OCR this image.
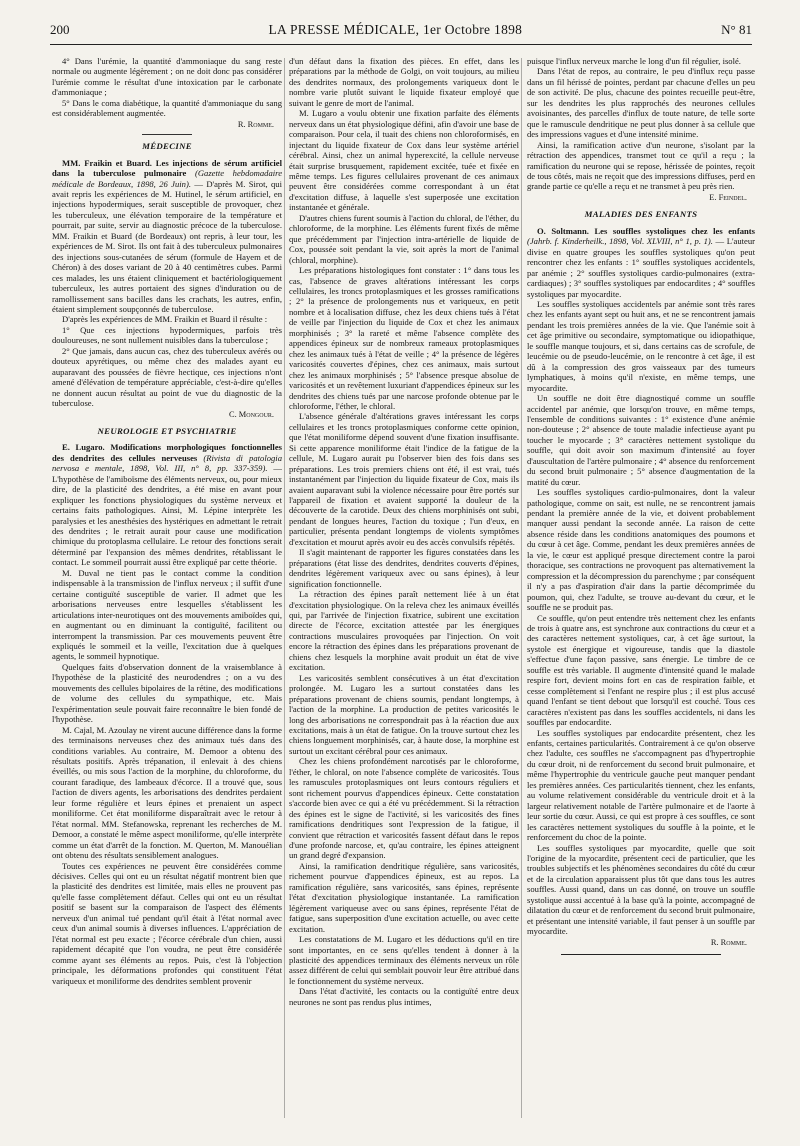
200	LA PRESSE MÉDICALE, 1er Octobre 1898	N° 81

4° Dans l'urémie, la quantité d'ammoniaque du sang reste normale ou augmente légèrement ; on ne doit donc pas considérer l'urémie comme le résultat d'une intoxication par le carbonate d'ammoniaque ;

5° Dans le coma diabétique, la quantité d'ammoniaque du sang est considérablement augmentée.

R. Romme.
MÉDECINE

MM. Fraikin et Buard. Les injections de sérum artificiel dans la tuberculose pulmonaire (Gazette hebdomadaire médicale de Bordeaux, 1898, 26 Juin). — D'après M. Sirot, qui avait repris les expériences de M. Hutinel, le sérum artificiel, en injections hypodermiques, serait susceptible de provoquer, chez les tuberculeux, une élévation temporaire de la température et pourrait, par suite, servir au diagnostic précoce de la tuberculose. MM. Fraikin et Buard (de Bordeaux) ont repris, à leur tour, les expériences de M. Sirot. Ils ont fait à des tuberculeux pulmonaires des injections sous-cutanées de sérum (formule de Hayem et de Chéron) à des doses variant de 20 à 40 centimètres cubes. Parmi ces malades, les uns étaient cliniquement et bactériologiquement tuberculeux, les autres portaient des signes d'induration ou de ramollissement sans bacilles dans les crachats, les autres, enfin, étaient simplement soupçonnés de tuberculose.

D'après les expériences de MM. Fraikin et Buard il résulte :

1° Que ces injections hypodermiques, parfois très douloureuses, ne sont nullement nuisibles dans la tuberculose ;

2° Que jamais, dans aucun cas, chez des tuberculeux avérés ou douteux apyrétiques, ou même chez des malades ayant eu auparavant des poussées de fièvre hectique, ces injections n'ont amené d'élévation de température appréciable, c'est-à-dire qu'elles ne donnent aucun résultat au point de vue du diagnostic de la tuberculose.

C. Mongour.
NEUROLOGIE ET PSYCHIATRIE

E. Lugaro. Modifications morphologiques fonctionnelles des dendrites des cellules nerveuses (Rivista di patologia nervosa e mentale, 1898, Vol. III, n° 8, pp. 337-359). — L'hypothèse de l'amiboïsme des éléments nerveux, ou, pour mieux dire, de la plasticité des dendrites, a été mise en avant pour expliquer les fonctions physiologiques du système nerveux et certains faits pathologiques. Ainsi, M. Lépine interprète les paralysies et les anesthésies des hystériques en admettant le retrait des dendrites ; le retrait aurait pour cause une modification chimique du protoplasma cellulaire. Le retour des fonctions serait déterminé par l'expansion des mêmes dendrites, rétablissant le contact. Le sommeil pourrait aussi être expliqué par cette théorie.

M. Duval ne tient pas le contact comme la condition indispensable à la transmission de l'influx nerveux ; il suffit d'une certaine contiguïté susceptible de varier. Il admet que les arborisations nerveuses entre lesquelles s'établissent les articulations inter-neurotiques ont des mouvements amiboïdes qui, en augmentant ou en diminuant la contiguïté, facilitent ou interrompent la transmission. Par ces mouvements peuvent être expliqués le sommeil et la veille, l'excitation due à quelques agents, le sommeil hypnotique.

Quelques faits d'observation donnent de la vraisemblance à l'hypothèse de la plasticité des neurodendres ; on a vu des mouvements des cellules bipolaires de la rétine, des modifications de volume des cellules du sympathique, etc. Mais l'expérimentation seule pouvait faire reconnaître le bien fondé de l'hypothèse.

M. Cajal, M. Azoulay ne virent aucune différence dans la forme des terminaisons nerveuses chez des animaux tués dans des conditions variables. Au contraire, M. Demoor a obtenu des résultats positifs. Après trépanation, il enlevait à des chiens éveillés, ou mis sous l'action de la morphine, du chloroforme, du courant faradique, des lambeaux d'écorce. Il a trouvé que, sous l'action de divers agents, les arborisations des dendrites perdaient leur forme régulière et leurs épines et prenaient un aspect moniliforme. Cet état moniliforme disparaîtrait avec le retour à l'état normal. MM. Stefanowska, reprenant les recherches de M. Demoor, a constaté le même aspect moniliforme, qu'elle interprète comme un état d'arrêt de la fonction. M. Querton, M. Manouélian ont obtenu des résultats sensiblement analogues.

Toutes ces expériences ne peuvent être considérées comme décisives. Celles qui ont eu un résultat négatif montrent bien que la plasticité des dendrites est limitée, mais elles ne prouvent pas qu'elle fasse complètement défaut. Celles qui ont eu un résultat positif se basent sur la comparaison de l'aspect des éléments nerveux d'un animal tué pendant qu'il était à l'état normal avec ceux d'un animal soumis à diverses influences. L'appréciation de l'état normal est peu exacte ; l'écorce cérébrale d'un chien, aussi rapidement décapité que l'on voudra, ne peut être considérée comme ayant ses éléments au repos. Puis, c'est là l'objection principale, les déformations profondes qui constituent l'état variqueux et moniliforme des dendrites semblent provenir

d'un défaut dans la fixation des pièces. En effet, dans les préparations par la méthode de Golgi, on voit toujours, au milieu des dendrites normaux, des prolongements variqueux dont le nombre varie plutôt suivant le liquide fixateur employé que suivant le genre de mort de l'animal.

M. Lugaro a voulu obtenir une fixation parfaite des éléments nerveux dans un état physiologique défini, afin d'avoir une base de comparaison. Pour cela, il tuait des chiens non chloroformisés, en injectant du liquide fixateur de Cox dans leur système artériel cérébral. Ainsi, chez un animal hyperexcité, la cellule nerveuse était surprise brusquement, rapidement excitée, tuée et fixée en même temps. Les figures cellulaires provenant de ces animaux peuvent être considérées comme correspondant à un état d'excitation diffuse, à laquelle s'est superposée une excitation instantanée et générale.

D'autres chiens furent soumis à l'action du chloral, de l'éther, du chloroforme, de la morphine. Les éléments furent fixés de même que précédemment par l'injection intra-artérielle de liquide de Cox, poussée soit pendant la vie, soit après la mort de l'animal (chloral, morphine).

Les préparations histologiques font constater : 1° dans tous les cas, l'absence de graves altérations intéressant les corps cellulaires, les troncs protoplasmiques et les grosses ramifications ; 2° la présence de prolongements nus et variqueux, en petit nombre et à localisation diffuse, chez les deux chiens tués à l'état de veille par l'injection du liquide de Cox et chez les animaux morphinisés ; 3° la rareté et même l'absence complète des appendices épineux sur de nombreux rameaux protoplasmiques chez les animaux tués à l'état de veille ; 4° la présence de légères varicosités couvertes d'épines, chez ces animaux, mais surtout chez les animaux morphinisés ; 5° l'absence presque absolue de varicosités et un revêtement luxuriant d'appendices épineux sur les dendrites des chiens tués par une narcose profonde obtenue par le chloroforme, l'éther, le chloral.

L'absence générale d'altérations graves intéressant les corps cellulaires et les troncs protoplasmiques conforme cette opinion, que l'état moniliforme dépend souvent d'une fixation insuffisante. Si cette apparence moniliforme était l'indice de la fatigue de la cellule, M. Lugaro aurait pu l'observer bien des fois dans ses préparations. Les trois premiers chiens ont été, il est vrai, tués instantanément par l'injection du liquide fixateur de Cox, mais ils avaient auparavant subi la violence nécessaire pour être portés sur l'appareil de fixation et avaient supporté la douleur de la découverte de la carotide. Deux des chiens morphinisés ont subi, pendant de longues heures, l'action du toxique ; l'un d'eux, en particulier, présenta pendant longtemps de violents symptômes d'excitation et mourut après avoir eu des accès convulsifs répétés.

Il s'agit maintenant de rapporter les figures constatées dans les préparations (état lisse des dendrites, dendrites couverts d'épines, dendrites légèrement variqueux avec ou sans épines), à leur signification fonctionnelle.

La rétraction des épines paraît nettement liée à un état d'excitation physiologique. On la releva chez les animaux éveillés qui, par l'arrivée de l'injection fixatrice, subirent une excitation directe de l'écorce, excitation attestée par les énergiques contractions musculaires provoquées par l'injection. On voit encore la rétraction des épines dans les préparations provenant de chiens chez lesquels la morphine avait produit un état de vive excitation.

Les varicosités semblent consécutives à un état d'excitation prolongée. M. Lugaro les a surtout constatées dans les préparations provenant de chiens soumis, pendant longtemps, à l'action de la morphine. La production de petites varicosités le long des arborisations ne correspondrait pas à la réaction due aux excitations, mais à un état de fatigue. On la trouve surtout chez les chiens longuement morphinisés, car, à haute dose, la morphine est surtout un excitant cérébral pour ces animaux.

Chez les chiens profondément narcotisés par le chloroforme, l'éther, le chloral, on note l'absence complète de varicosités. Tous les ramuscules protoplasmiques ont leurs contours réguliers et sont richement pourvus d'appendices épineux. Cette constatation s'accorde bien avec ce qui a été vu précédemment. Si la rétraction des épines est le signe de l'activité, si les varicosités des fines ramifications dendritiques sont l'expression de la fatigue, il convient que rétraction et varicosités fassent défaut dans le repos d'une profonde narcose, et, qu'au contraire, les épines atteignent un grand degré d'expansion.

Ainsi, la ramification dendritique régulière, sans varicosités, richement pourvue d'appendices épineux, est au repos. La ramification régulière, sans varicosités, sans épines, représente l'état d'excitation physiologique instantanée. La ramification légèrement variqueuse avec ou sans épines, représente l'état de fatigue, sans superposition d'une excitation actuelle, ou avec cette excitation.

Les constatations de M. Lugaro et les déductions qu'il en tire sont importantes, en ce sens qu'elles tendent à donner à la plasticité des appendices terminaux des éléments nerveux un rôle assez différent de celui qui semblait pouvoir leur être attribué dans le fonctionnement du système nerveux.

Dans l'état d'activité, les contacts ou la contiguïté entre deux neurones ne sont pas rendus plus intimes,

puisque l'influx nerveux marche le long d'un fil régulier, isolé.

Dans l'état de repos, au contraire, le peu d'influx reçu passe dans un fil hérissé de pointes, perdant par chacune d'elles un peu de son activité. De plus, chacune des pointes recueille peut-être, sur les dendrites les plus rapprochés des neurones cellules avoisinantes, des parcelles d'influx de toute nature, de telle sorte que le ramuscule dendritique ne peut plus donner à sa cellule que des impressions vagues et d'une intensité minime.

Ainsi, la ramification active d'un neurone, s'isolant par la rétraction des appendices, transmet tout ce qu'il a reçu ; la ramification du neurone qui se repose, hérissée de pointes, reçoit de tous côtés, mais ne reçoit que des impressions diffuses, perd en grande partie ce qu'elle a reçu et ne transmet à peu près rien.

E. Feindel.
MALADIES DES ENFANTS

O. Soltmann. Les souffles systoliques chez les enfants (Jahrb. f. Kinderheilk., 1898, Vol. XLVIII, n° 1, p. 1). — L'auteur divise en quatre groupes les souffles systoliques qu'on peut rencontrer chez les enfants : 1° souffles systoliques accidentels, par anémie ; 2° souffles systoliques cardio-pulmonaires (extra-cardiaques) ; 3° souffles systoliques par endocardites ; 4° souffles systoliques par myocardite.

Les souffles systoliques accidentels par anémie sont très rares chez les enfants ayant sept ou huit ans, et ne se rencontrent jamais pendant les trois premières années de la vie. Que l'anémie soit à cet âge primitive ou secondaire, symptomatique ou idiopathique, le souffle manque toujours, et si, dans certains cas de scrofule, de leucémie ou de pseudo-leucémie, on le rencontre à cet âge, il est dû à la compression des gros vaisseaux par des tumeurs lymphatiques, à moins qu'il n'existe, en même temps, une myocardite.

Un souffle ne doit être diagnostiqué comme un souffle accidentel par anémie, que lorsqu'on trouve, en même temps, l'ensemble de conditions suivantes : 1° existence d'une anémie non-douteuse ; 2° absence de toute maladie infectieuse ayant pu toucher le myocarde ; 3° caractères nettement systolique du souffle, qui doit avoir son maximum d'intensité au foyer d'auscultation de l'artère pulmonaire ; 4° absence du renforcement du second bruit pulmonaire ; 5° absence d'augmentation de la matité du cœur.

Les souffles systoliques cardio-pulmonaires, dont la valeur pathologique, comme on sait, est nulle, ne se rencontrent jamais pendant la première année de la vie, et doivent probablement manquer aussi pendant la seconde année. La raison de cette absence réside dans les conditions anatomiques des poumons et du cœur à cet âge. Comme, pendant les deux premières années de la vie, le cœur est appliqué presque directement contre la paroi thoracique, ses contractions ne provoquent pas alternativement la compression et la décompression du parenchyme ; par conséquent il n'y a pas d'aspiration d'air dans la partie décomprimée du poumon, qui, chez l'adulte, se trouve au-devant du cœur, et le souffle ne se produit pas.

Ce souffle, qu'on peut entendre très nettement chez les enfants de trois à quatre ans, est synchrone aux contractions du cœur et a des caractères nettement systoliques, car, à cet âge surtout, la systole est énergique et vigoureuse, tandis que la diastole s'effectue d'une façon passive, sans énergie. Le timbre de ce souffle est très variable. Il augmente d'intensité quand le malade respire fort, devient moins fort en cas de respiration faible, et cesse complètement si l'enfant ne respire plus ; il est plus accusé quand l'enfant se tient debout que lorsqu'il est couché. Tous ces caractères n'existent pas dans les souffles accidentels, ni dans les souffles par endocardite.

Les souffles systoliques par endocardite présentent, chez les enfants, certaines particularités. Contrairement à ce qu'on observe chez l'adulte, ces souffles ne s'accompagnent pas d'hypertrophie du cœur droit, ni de renforcement du second bruit pulmonaire, et même l'hypertrophie du ventricule gauche peut manquer pendant les premières années. Ces particularités tiennent, chez les enfants, au volume relativement considérable du ventricule droit et à la largeur relativement notable de l'artère pulmonaire et de l'aorte à leur sortie du cœur. Aussi, ce qui est propre à ces souffles, ce sont les caractères nettement systoliques du souffle à la pointe, et le renforcement du choc de la pointe.

Les souffles systoliques par myocardite, quelle que soit l'origine de la myocardite, présentent ceci de particulier, que les troubles subjectifs et les phénomènes secondaires du côté du cœur et de la circulation apparaissent plus tôt que dans tous les autres souffles. Aussi quand, dans un cas donné, on trouve un souffle systolique aussi accentué à la base qu'à la pointe, accompagné de dilatation du cœur et de renforcement du second bruit pulmonaire, et présentant une intensité variable, il faut penser à un souffle par myocardite.

R. Romme.
